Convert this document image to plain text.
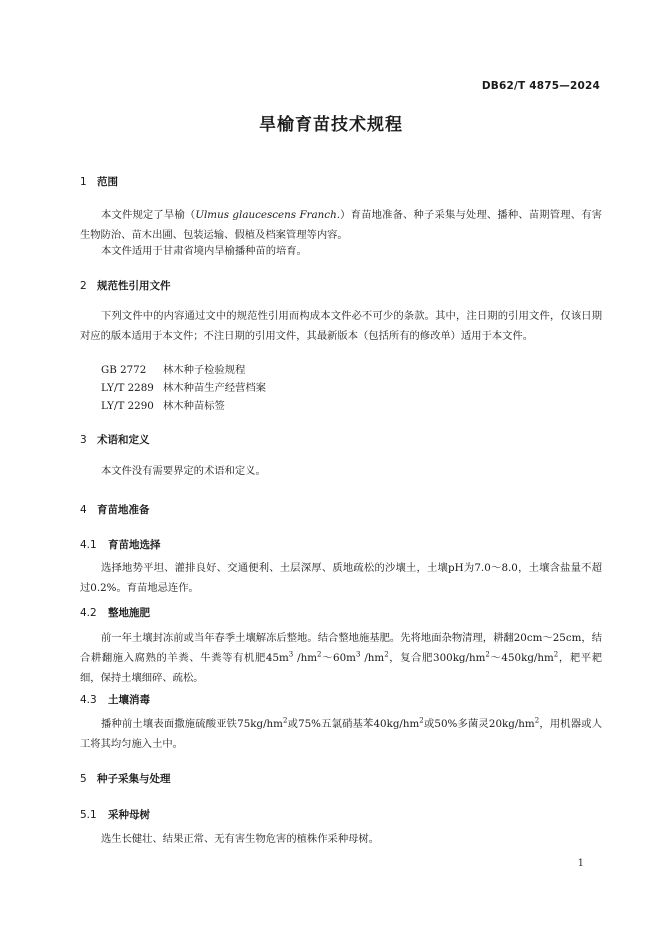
DB62/T 4875—2024
旱榆育苗技术规程
1 范围
本文件规定了旱榆（Ulmus glaucescens Franch.）育苗地准备、种子采集与处理、播种、苗期管理、有害生物防治、苗木出圃、包装运输、假植及档案管理等内容。
本文件适用于甘肃省境内旱榆播种苗的培育。
2 规范性引用文件
下列文件中的内容通过文中的规范性引用而构成本文件必不可少的条款。其中，注日期的引用文件，仅该日期对应的版本适用于本文件；不注日期的引用文件，其最新版本（包括所有的修改单）适用于本文件。
GB 2772 林木种子检验规程
LY/T 2289 林木种苗生产经营档案
LY/T 2290 林木种苗标签
3 术语和定义
本文件没有需要界定的术语和定义。
4 育苗地准备
4.1	育苗地选择
选择地势平坦、灌排良好、交通便利、土层深厚、质地疏松的沙壤土，土壤pH为7.0～8.0，土壤含盐量不超过0.2%。育苗地忌连作。
4.2	整地施肥
前一年土壤封冻前或当年春季土壤解冻后整地。结合整地施基肥。先将地面杂物清理，耕翻20cm～25cm，结合耕翻施入腐熟的羊粪、牛粪等有机肥$45m^3$ $/hm^2\sim 60m^3$ $/hm^2$，复合肥$300kg/hm^2\sim 450kg/hm^2$，耙平耙细，保持土壤细碎、疏松。
4.3	土壤消毒
播种前土壤表面撒施硫酸亚铁$75kg/hm^2$或75%五氯硝基苯$40kg/hm^2$或50%多菌灵$20kg/hm^2$，用机器或人工将其均匀施入土中。
5 种子采集与处理
5.1	采种母树
选生长健壮、结果正常、无有害生物危害的植株作采种母树。
1
